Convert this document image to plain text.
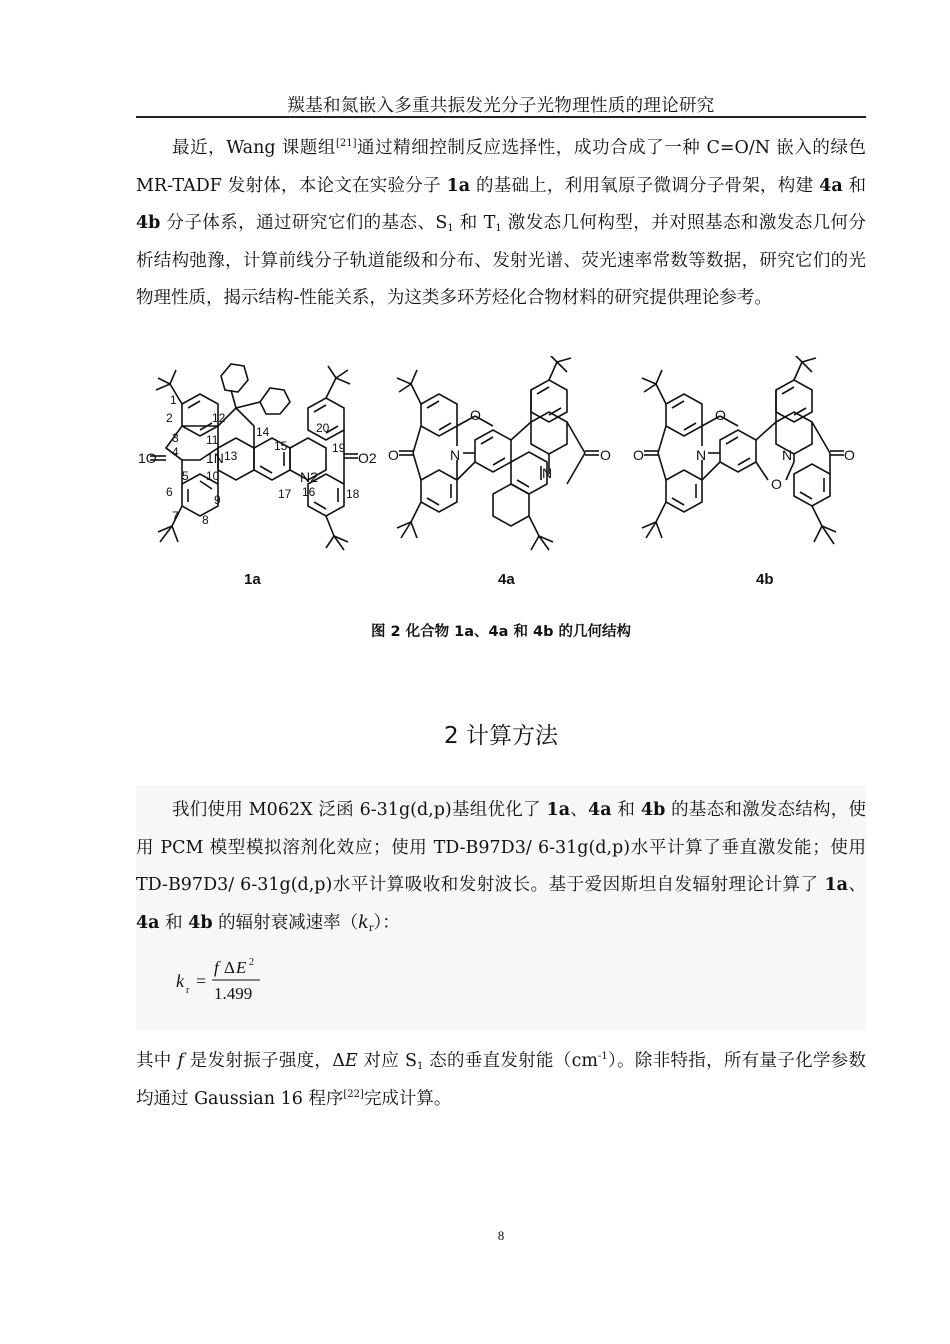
羰基和氮嵌入多重共振发光分子光物理性质的理论研究

最近，Wang 课题组[21]通过精细控制反应选择性，成功合成了一种 C=O/N 嵌入的绿色 MR-TADF 发射体，本论文在实验分子 1a 的基础上，利用氧原子微调分子骨架，构建 4a 和 4b 分子体系，通过研究它们的基态、$S_1$ 和 $T_1$ 激发态几何构型，并对照基态和激发态几何分析结构弛豫，计算前线分子轨道能级和分布、发射光谱、荧光速率常数等数据，研究它们的光物理性质，揭示结构-性能关系，为这类多环芳烃化合物材料的研究提供理论参考。

1O	O2
1N
N2
1
2
3
4
5
6
7 8
9
10
11
12
13
14
15
16
17	18
19
20
O	O
O
N
N
O	O
O
O
N	N
1a	4a	4b
图 2 化合物 1a、4a 和 4b 的几何结构
2 计算方法

我们使用 M062X 泛函 6-31g(d,p)基组优化了 1a、4a 和 4b 的基态和激发态结构，使用 PCM 模型模拟溶剂化效应；使用 TD-B97D3/ 6-31g(d,p)水平计算了垂直激发能；使用 TD-B97D3/ 6-31g(d,p)水平计算吸收和发射波长。基于爱因斯坦自发辐射理论计算了 1a、4a 和 4b 的辐射衰减速率$(k_r)$：

k r =
f Δ E 2
1.499

其中 f 是发射振子强度，ΔE 对应 $S_1$ 态的垂直发射能$(cm^{-1})$。除非特指，所有量子化学参数均通过 Gaussian 16 程序[22]完成计算。

8
